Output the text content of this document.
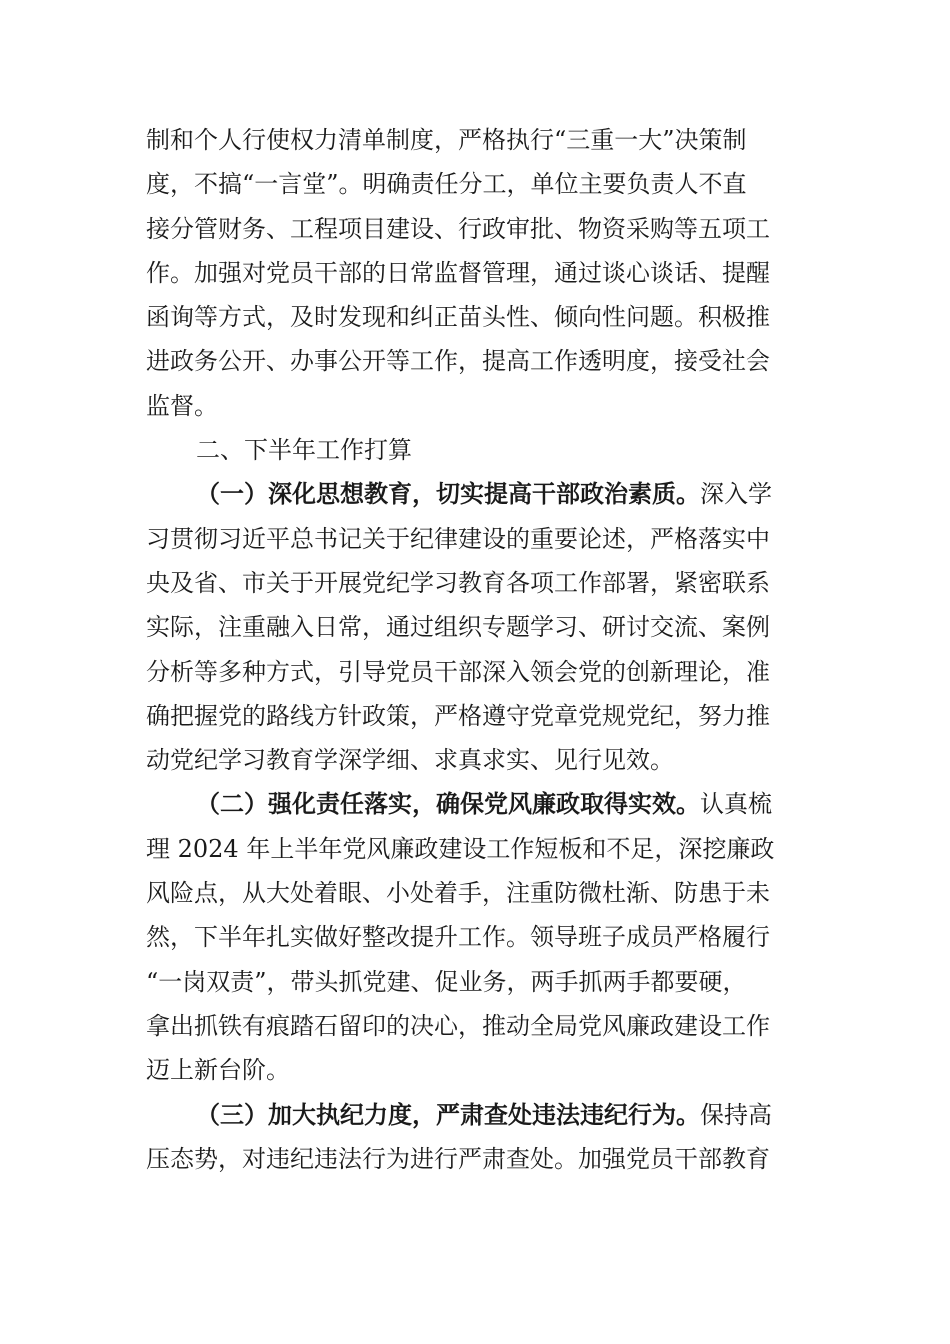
制和个人行使权力清单制度，严格执行“三重一大”决策制
度，不搞“一言堂”。明确责任分工，单位主要负责人不直
接分管财务、工程项目建设、行政审批、物资采购等五项工
作。加强对党员干部的日常监督管理，通过谈心谈话、提醒
函询等方式，及时发现和纠正苗头性、倾向性问题。积极推
进政务公开、办事公开等工作，提高工作透明度，接受社会
监督。
二、下半年工作打算
（一）深化思想教育，切实提高干部政治素质。深入学
习贯彻习近平总书记关于纪律建设的重要论述，严格落实中
央及省、市关于开展党纪学习教育各项工作部署，紧密联系
实际，注重融入日常，通过组织专题学习、研讨交流、案例
分析等多种方式，引导党员干部深入领会党的创新理论，准
确把握党的路线方针政策，严格遵守党章党规党纪，努力推
动党纪学习教育学深学细、求真求实、见行见效。
（二）强化责任落实，确保党风廉政取得实效。认真梳
理 2024 年上半年党风廉政建设工作短板和不足，深挖廉政
风险点，从大处着眼、小处着手，注重防微杜渐、防患于未
然，下半年扎实做好整改提升工作。领导班子成员严格履行
“一岗双责”，带头抓党建、促业务，两手抓两手都要硬，
拿出抓铁有痕踏石留印的决心，推动全局党风廉政建设工作
迈上新台阶。
（三）加大执纪力度，严肃查处违法违纪行为。保持高
压态势，对违纪违法行为进行严肃查处。加强党员干部教育
